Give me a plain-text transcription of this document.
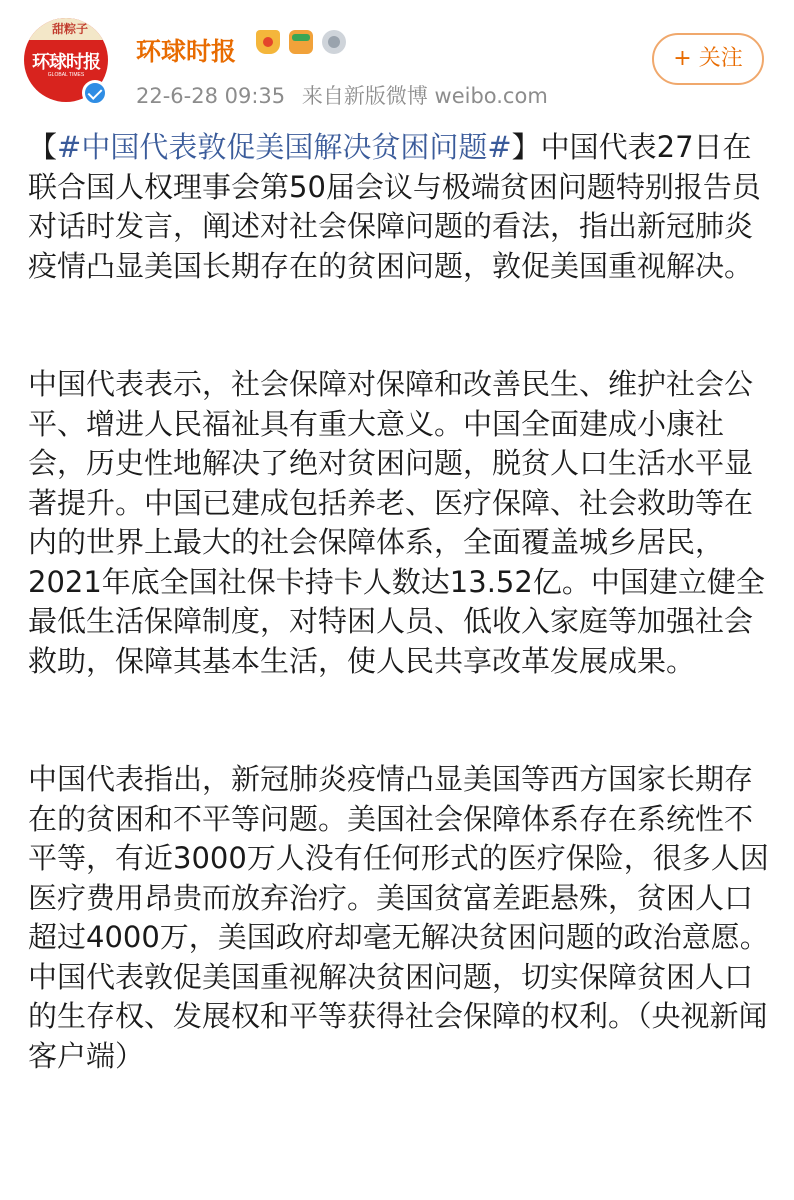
甜粽子
环球时报
GLOBAL TIMES
环球时报

22-6-28 09:35 来自新版微博 weibo.com
+ 关注

【#中国代表敦促美国解决贫困问题#】中国代表27日在联合国人权理事会第50届会议与极端贫困问题特别报告员对话时发言，阐述对社会保障问题的看法，指出新冠肺炎疫情凸显美国长期存在的贫困问题，敦促美国重视解决。

中国代表表示，社会保障对保障和改善民生、维护社会公平、增进人民福祉具有重大意义。中国全面建成小康社会，历史性地解决了绝对贫困问题，脱贫人口生活水平显著提升。中国已建成包括养老、医疗保障、社会救助等在内的世界上最大的社会保障体系，全面覆盖城乡居民，2021年底全国社保卡持卡人数达13.52亿。中国建立健全最低生活保障制度，对特困人员、低收入家庭等加强社会救助，保障其基本生活，使人民共享改革发展成果。

中国代表指出，新冠肺炎疫情凸显美国等西方国家长期存在的贫困和不平等问题。美国社会保障体系存在系统性不平等，有近3000万人没有任何形式的医疗保险，很多人因医疗费用昂贵而放弃治疗。美国贫富差距悬殊，贫困人口超过4000万，美国政府却毫无解决贫困问题的政治意愿。中国代表敦促美国重视解决贫困问题，切实保障贫困人口的生存权、发展权和平等获得社会保障的权利。（央视新闻客户端）
